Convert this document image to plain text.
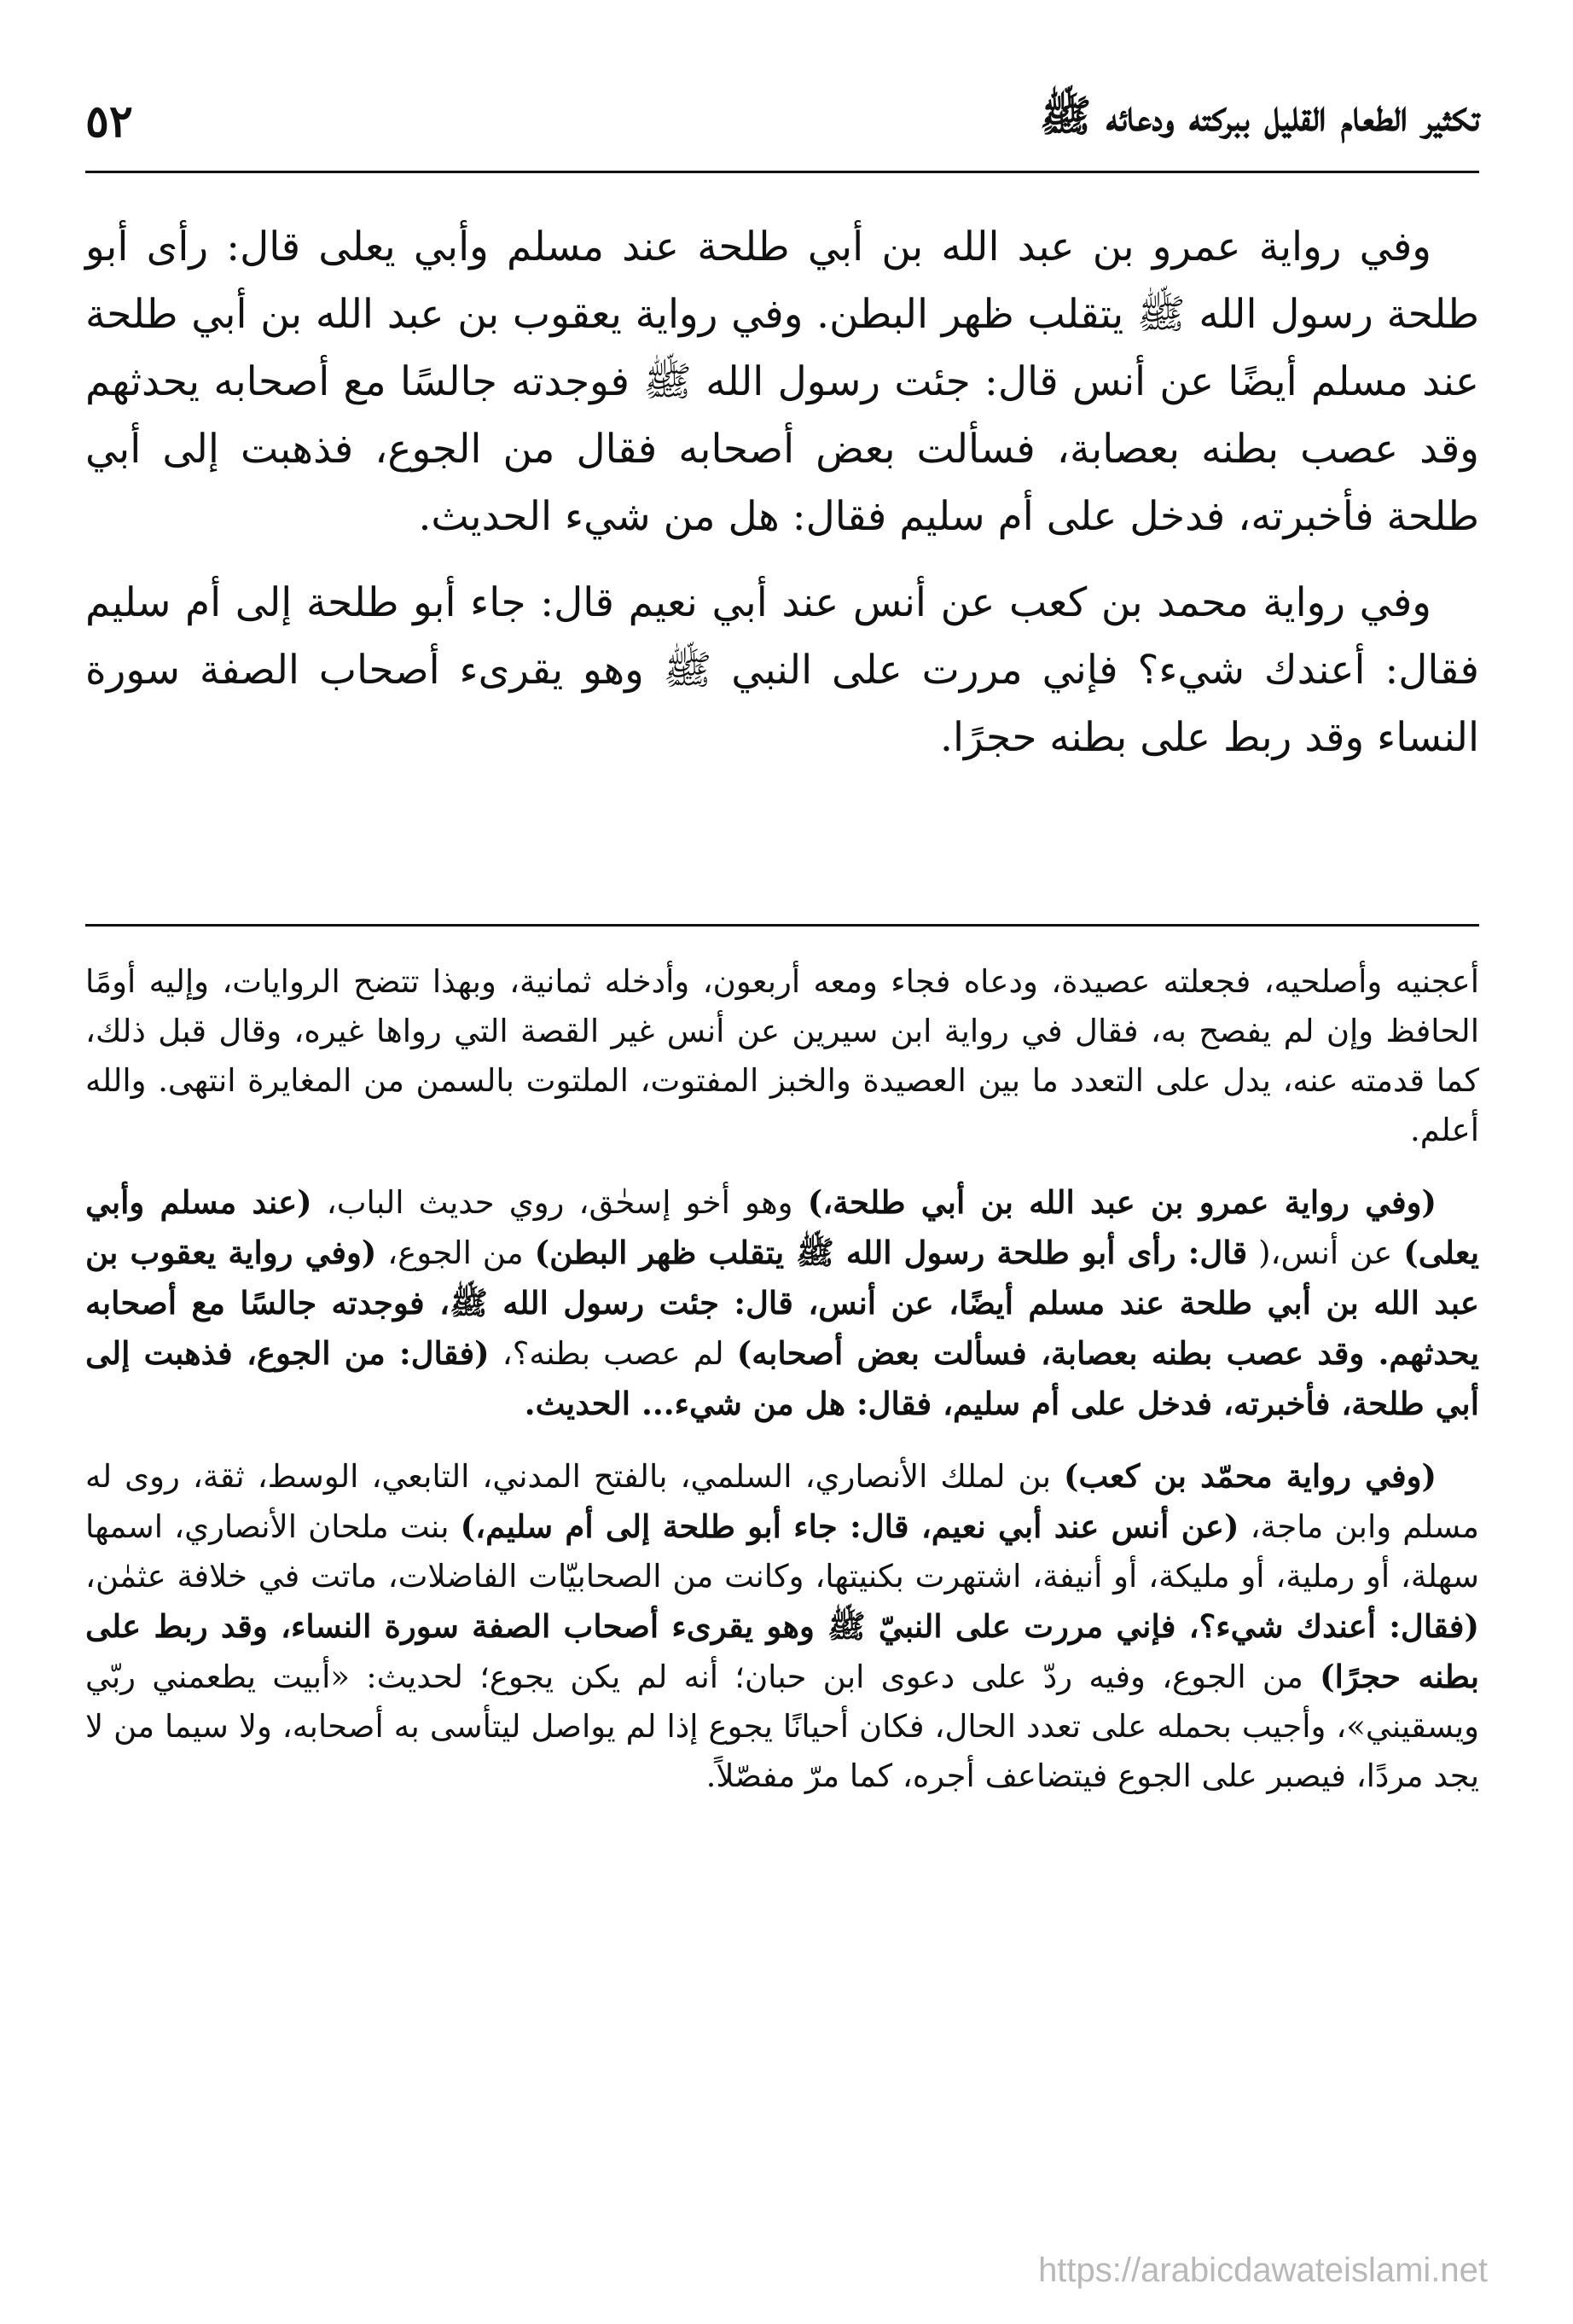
تكثير الطعام القليل ببركته ودعائه ﷺ
٥٢

وفي رواية عمرو بن عبد الله بن أبي طلحة عند مسلم وأبي يعلى قال: رأى أبو طلحة رسول الله ﷺ يتقلب ظهر البطن. وفي رواية يعقوب بن عبد الله بن أبي طلحة عند مسلم أيضًا عن أنس قال: جئت رسول الله ﷺ فوجدته جالسًا مع أصحابه يحدثهم وقد عصب بطنه بعصابة، فسألت بعض أصحابه فقال من الجوع، فذهبت إلى أبي طلحة فأخبرته، فدخل على أم سليم فقال: هل من شيء الحديث.

وفي رواية محمد بن كعب عن أنس عند أبي نعيم قال: جاء أبو طلحة إلى أم سليم فقال: أعندك شيء؟ فإني مررت على النبي ﷺ وهو يقرىء أصحاب الصفة سورة النساء وقد ربط على بطنه حجرًا.

أعجنيه وأصلحيه، فجعلته عصيدة، ودعاه فجاء ومعه أربعون، وأدخله ثمانية، وبهذا تتضح الروايات، وإليه أومًا الحافظ وإن لم يفصح به، فقال في رواية ابن سيرين عن أنس غير القصة التي رواها غيره، وقال قبل ذلك، كما قدمته عنه، يدل على التعدد ما بين العصيدة والخبز المفتوت، الملتوت بالسمن من المغايرة انتهى. والله أعلم.

(وفي رواية عمرو بن عبد الله بن أبي طلحة،) وهو أخو إسحٰق، روي حديث الباب، (عند مسلم وأبي يعلى) عن أنس،( قال: رأى أبو طلحة رسول الله ﷺ يتقلب ظهر البطن) من الجوع، (وفي رواية يعقوب بن عبد الله بن أبي طلحة عند مسلم أيضًا، عن أنس، قال: جئت رسول الله ﷺ، فوجدته جالسًا مع أصحابه يحدثهم. وقد عصب بطنه بعصابة، فسألت بعض أصحابه) لم عصب بطنه؟، (فقال: من الجوع، فذهبت إلى أبي طلحة، فأخبرته، فدخل على أم سليم، فقال: هل من شيء... الحديث.

(وفي رواية محمّد بن كعب) بن لملك الأنصاري، السلمي، بالفتح المدني، التابعي، الوسط، ثقة، روى له مسلم وابن ماجة، (عن أنس عند أبي نعيم، قال: جاء أبو طلحة إلى أم سليم،) بنت ملحان الأنصاري، اسمها سهلة، أو رملية، أو مليكة، أو أنيفة، اشتهرت بكنيتها، وكانت من الصحابيّات الفاضلات، ماتت في خلافة عثمٰن، (فقال: أعندك شيء؟، فإني مررت على النبيّ ﷺ وهو يقرىء أصحاب الصفة سورة النساء، وقد ربط على بطنه حجرًا) من الجوع، وفيه ردّ على دعوى ابن حبان؛ أنه لم يكن يجوع؛ لحديث: «أبيت يطعمني ربّي ويسقيني»، وأجيب بحمله على تعدد الحال، فكان أحيانًا يجوع إذا لم يواصل ليتأسى به أصحابه، ولا سيما من لا يجد مردًا، فيصبر على الجوع فيتضاعف أجره، كما مرّ مفصّلاً.

https://arabicdawateislami.net
